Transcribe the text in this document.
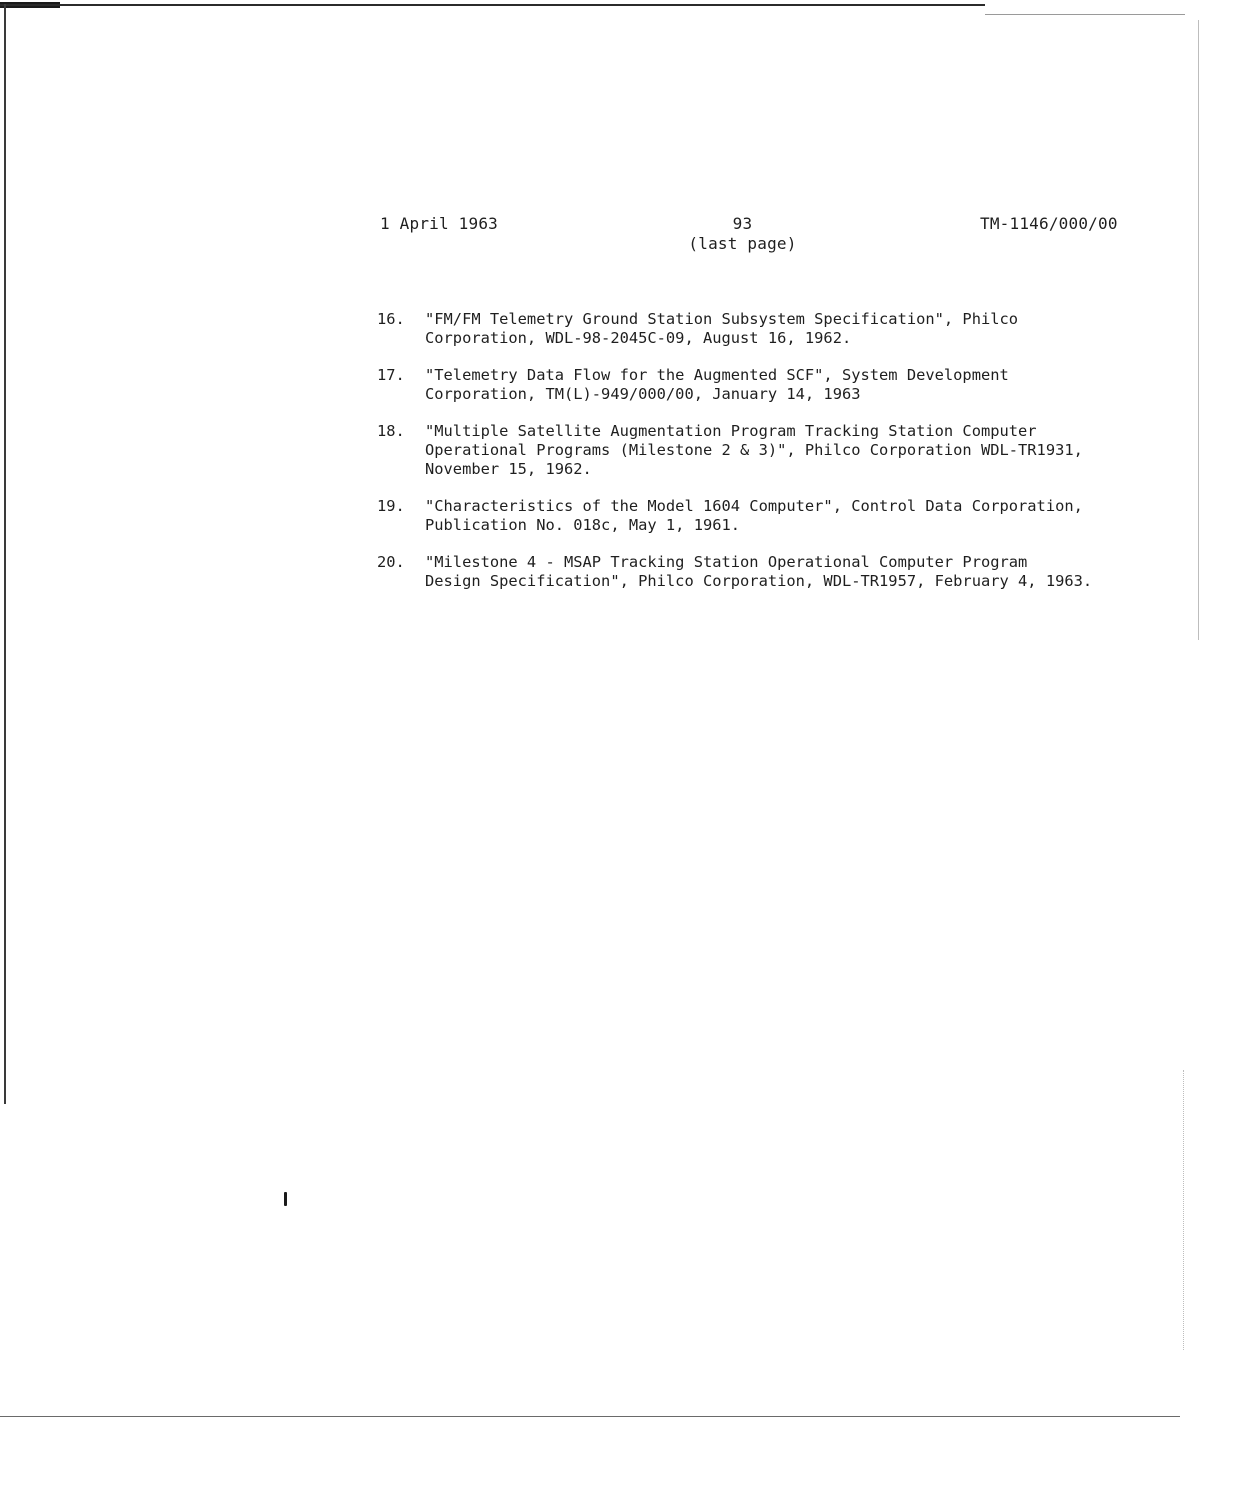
1 April 1963	93
(last page)
TM-1146/000/00
16.	"FM/FM Telemetry Ground Station Subsystem Specification", Philco
Corporation, WDL-98-2045C-09, August 16, 1962.
17.	"Telemetry Data Flow for the Augmented SCF", System Development
Corporation, TM(L)-949/000/00, January 14, 1963
18.	"Multiple Satellite Augmentation Program Tracking Station Computer
Operational Programs (Milestone 2 & 3)", Philco Corporation WDL-TR1931,
November 15, 1962.
19.	"Characteristics of the Model 1604 Computer", Control Data Corporation,
Publication No. 018c, May 1, 1961.
20.	"Milestone 4 - MSAP Tracking Station Operational Computer Program
Design Specification", Philco Corporation, WDL-TR1957, February 4, 1963.
